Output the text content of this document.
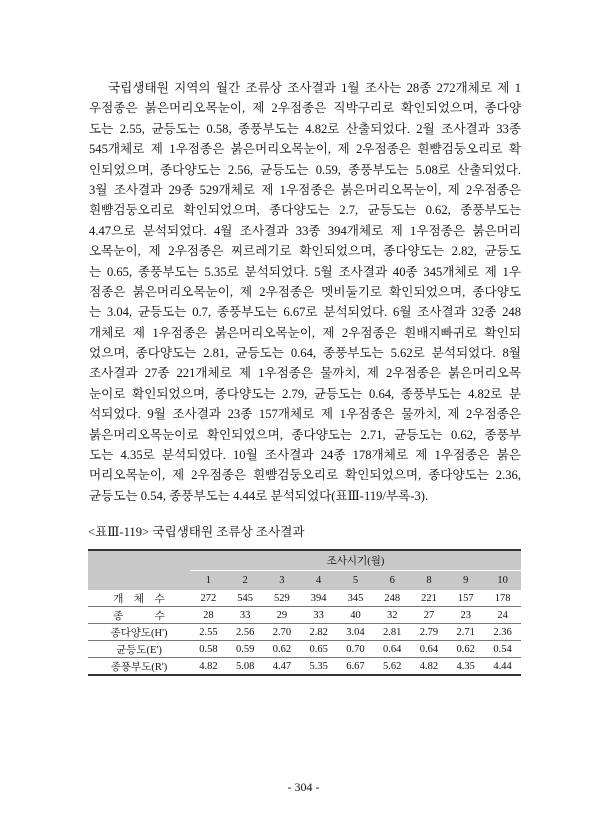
국립생태원 지역의 월간 조류상 조사결과 1월 조사는 28종 272개체로 제 1
우점종은 붉은머리오목눈이, 제 2우점종은 직박구리로 확인되었으며, 종다양
도는 2.55, 균등도는 0.58, 종풍부도는 4.82로 산출되었다. 2월 조사결과 33종
545개체로 제 1우점종은 붉은머리오목눈이, 제 2우점종은 흰뺨검둥오리로 확
인되었으며, 종다양도는 2.56, 균등도는 0.59, 종풍부도는 5.08로 산출되었다.
3월 조사결과 29종 529개체로 제 1우점종은 붉은머리오목눈이, 제 2우점종은
흰뺨검둥오리로 확인되었으며, 종다양도는 2.7, 균등도는 0.62, 종풍부도는
4.47으로 분석되었다. 4월 조사결과 33종 394개체로 제 1우점종은 붉은머리
오목눈이, 제 2우점종은 찌르레기로 확인되었으며, 종다양도는 2.82, 균등도
는 0.65, 종풍부도는 5.35로 분석되었다. 5월 조사결과 40종 345개체로 제 1우
점종은 붉은머리오목눈이, 제 2우점종은 멧비둘기로 확인되었으며, 종다양도
는 3.04, 균등도는 0.7, 종풍부도는 6.67로 분석되었다. 6월 조사결과 32종 248
개체로 제 1우점종은 붉은머리오목눈이, 제 2우점종은 흰배지빠귀로 확인되
었으며, 종다양도는 2.81, 균등도는 0.64, 종풍부도는 5.62로 분석되었다. 8월
조사결과 27종 221개체로 제 1우점종은 물까치, 제 2우점종은 붉은머리오목
눈이로 확인되었으며, 종다양도는 2.79, 균등도는 0.64, 종풍부도는 4.82로 분
석되었다. 9월 조사결과 23종 157개체로 제 1우점종은 물까치, 제 2우점종은
붉은머리오목눈이로 확인되었으며, 종다양도는 2.71, 균등도는 0.62, 종풍부
도는 4.35로 분석되었다. 10월 조사결과 24종 178개체로 제 1우점종은 붉은
머리오목눈이, 제 2우점종은 흰뺨검둥오리로 확인되었으며, 종다양도는 2.36,
균등도는 0.54, 종풍부도는 4.44로 분석되었다(표Ⅲ-119/부록-3).
<표Ⅲ-119> 국립생태원 조류상 조사결과
	조사시기(월)								
	1	2	3	4	5	6	8	9	10
개　체　수	272	545	529	394	345	248	221	157	178
종　　　수	28	33	29	33	40	32	27	23	24
종다양도(H')	2.55	2.56	2.70	2.82	3.04	2.81	2.79	2.71	2.36
균등도(E')	0.58	0.59	0.62	0.65	0.70	0.64	0.64	0.62	0.54
종풍부도(R')	4.82	5.08	4.47	5.35	6.67	5.62	4.82	4.35	4.44
- 304 -
